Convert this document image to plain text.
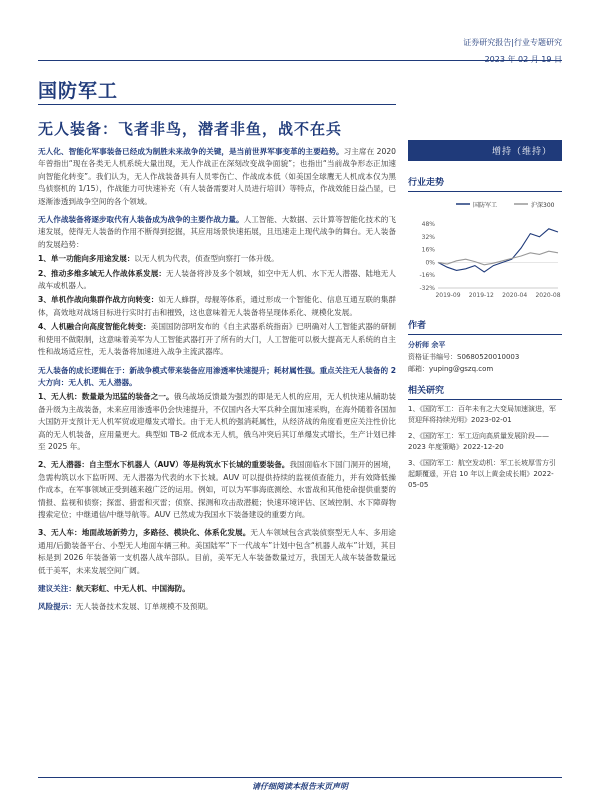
证券研究报告|行业专题研究
2023 年 02 月 19 日
国防军工
无人装备：飞者非鸟，潜者非鱼，战不在兵

无人化、智能化军事装备已经成为制胜未来战争的关键，是当前世界军事变革的主要趋势。习主席在 2020 年曾指出“现在各类无人机系统大量出现，无人作战正在深刻改变战争面貌”；也指出“当前战争形态正加速向智能化转变”。我们认为，无人作战装备具有人员零伤亡、作战成本低（如美国全球鹰无人机成本仅为黑鸟侦察机的 1/15），作战能力可快速补充（有人装备需要对人员进行培训）等特点，作战效能日益凸显，已逐渐渗透到战争空间的各个领域。

无人作战装备将逐步取代有人装备成为战争的主要作战力量。人工智能、大数据、云计算等智能化技术的飞速发展，使得无人装备的作用不断得到挖掘，其应用场景快速拓展，且迅速走上现代战争的舞台。无人装备的发展趋势：

1、单一功能向多用途发展：以无人机为代表，侦查型向察打一体升级。

2、推动多维多域无人作战体系发展：无人装备将涉及多个领域，如空中无人机、水下无人潜器、陆地无人战车或机器人。

3、单机作战向集群作战方向转变：如无人蜂群，母舰等体系，通过形成一个智能化、信息互通互联的集群体，高效地对战场目标进行实时打击和摧毁，这也意味着无人装备将呈现体系化、规模化发展。

4、人机融合向高度智能化转变：美国国防部明发布的《自主武器系统指南》已明确对人工智能武器的研制和使用不做限制，这意味着美军为人工智能武器打开了所有的大门，人工智能可以极大提高无人系统的自主性和战场适应性，无人装备将加速进入战争主流武器库。

无人装备的成长逻辑在于：新战争模式带来装备应用渗透率快速提升；耗材属性强。重点关注无人装备的 2 大方向：无人机、无人潜器。

1、无人机：数量最为迅猛的装备之一。俄乌战场反馈最为强烈的即是无人机的应用，无人机快速从辅助装备升级为主战装备，未来应用渗透率仍会快速提升，不仅国内各大军兵种全面加速采购，在海外随着各国加大国防开支预计无人机军贸或迎爆发式增长。由于无人机的强消耗属性，从经济战的角度看更应关注性价比高的无人机装备，应用量更大。典型如 TB-2 低成本无人机，俄乌冲突后其订单爆发式增长，生产计划已排至 2025 年。

2、无人潜器：自主型水下机器人（AUV）等是构筑水下长城的重要装备。我国面临水下国门洞开的困境，急需构筑以水下监听网、无人潜器为代表的水下长城。AUV 可以提供持续的监视侦查能力，并有效降低操作成本，在军事领域正受到越来越广泛的运用。例如，可以为军事海底测绘、水雷战和其他使命提供重要的情报、监视和侦察；探雷、猎雷和灭雷；侦察、探测和攻击敌潜艇；快速环境评估、区域控制、水下障碍物搜索定位；中继通信/中继导航等。AUV 已然成为我国水下装备建设的重要方向。

3、无人车：地面战场新势力，多路径、模块化、体系化发展。无人车领域包含武装侦察型无人车、多用途通用/后勤装备平台、小型无人地面车辆三种。美国陆军“下一代战车”计划中包含“机器人战车”计划，其目标是到 2026 年装备第一支机器人战车部队。目前，美军无人车装备数量过万，我国无人战车装备数量远低于美军，未来发展空间广阔。

建议关注：航天彩虹、中无人机、中国海防。

风险提示：无人装备技术发展、订单规模不及预期。

增持（维持）
行业走势
国防军工	沪深300
48%
32%
16%
0%
-16%
-32%
2019-09 2019-12 2020-04 2020-08
作者
分析师 余平
资格证书编号：S0680520010003
邮箱：yuping@gszq.com
相关研究
1、《国防军工：百年未有之大变局加速演进，军贸迎拜将持续光明》2023-02-01
2、《国防军工：军工迈向高质量发展阶段——2023 年度策略》2022-12-20
3、《国防军工：航空发动机：军工长坡厚雪方引起颠覆遥，开启 10 年以上黄金成长期》2022-05-05
请仔细阅读本报告末页声明
